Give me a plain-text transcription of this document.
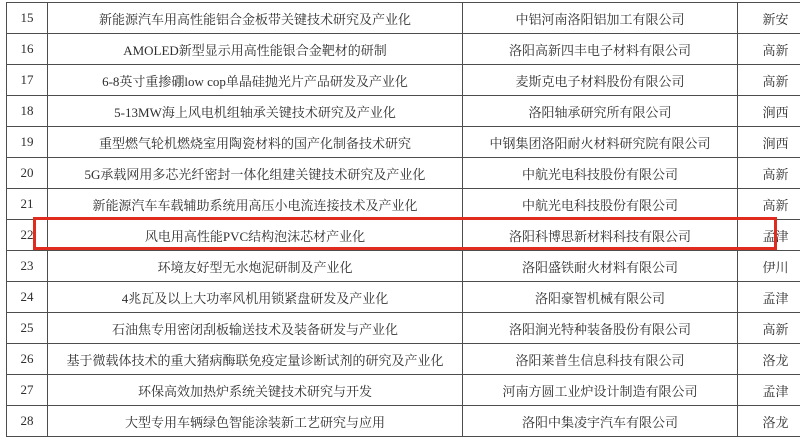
15	新能源汽车用高性能铝合金板带关键技术研究及产业化	中铝河南洛阳铝加工有限公司	新安
16	AMOLED新型显示用高性能银合金靶材的研制	洛阳高新四丰电子材料有限公司	高新
17	6-8英寸重掺硼low cop单晶硅抛光片产品研发及产业化	麦斯克电子材料股份有限公司	高新
18	5-13MW海上风电机组轴承关键技术研究及产业化	洛阳轴承研究所有限公司	涧西
19	重型燃气轮机燃烧室用陶瓷材料的国产化制备技术研究	中钢集团洛阳耐火材料研究院有限公司	涧西
20	5G承载网用多芯光纤密封一体化组建关键技术研究及产业化	中航光电科技股份有限公司	高新
21	新能源汽车车载辅助系统用高压小电流连接技术及产业化	中航光电科技股份有限公司	高新
22	风电用高性能PVC结构泡沫芯材产业化	洛阳科博思新材料科技有限公司	孟津
23	环境友好型无水炮泥研制及产业化	洛阳盛铁耐火材料有限公司	伊川
24	4兆瓦及以上大功率风机用锁紧盘研发及产业化	洛阳豪智机械有限公司	孟津
25	石油焦专用密闭刮板输送技术及装备研发与产业化	洛阳涧光特种装备股份有限公司	高新
26	基于微载体技术的重大猪病酶联免疫定量诊断试剂的研究及产业化	洛阳莱普生信息科技有限公司	洛龙
27	环保高效加热炉系统关键技术研究与开发	河南方圆工业炉设计制造有限公司	孟津
28	大型专用车辆绿色智能涂装新工艺研究与应用	洛阳中集凌宇汽车有限公司	洛龙
